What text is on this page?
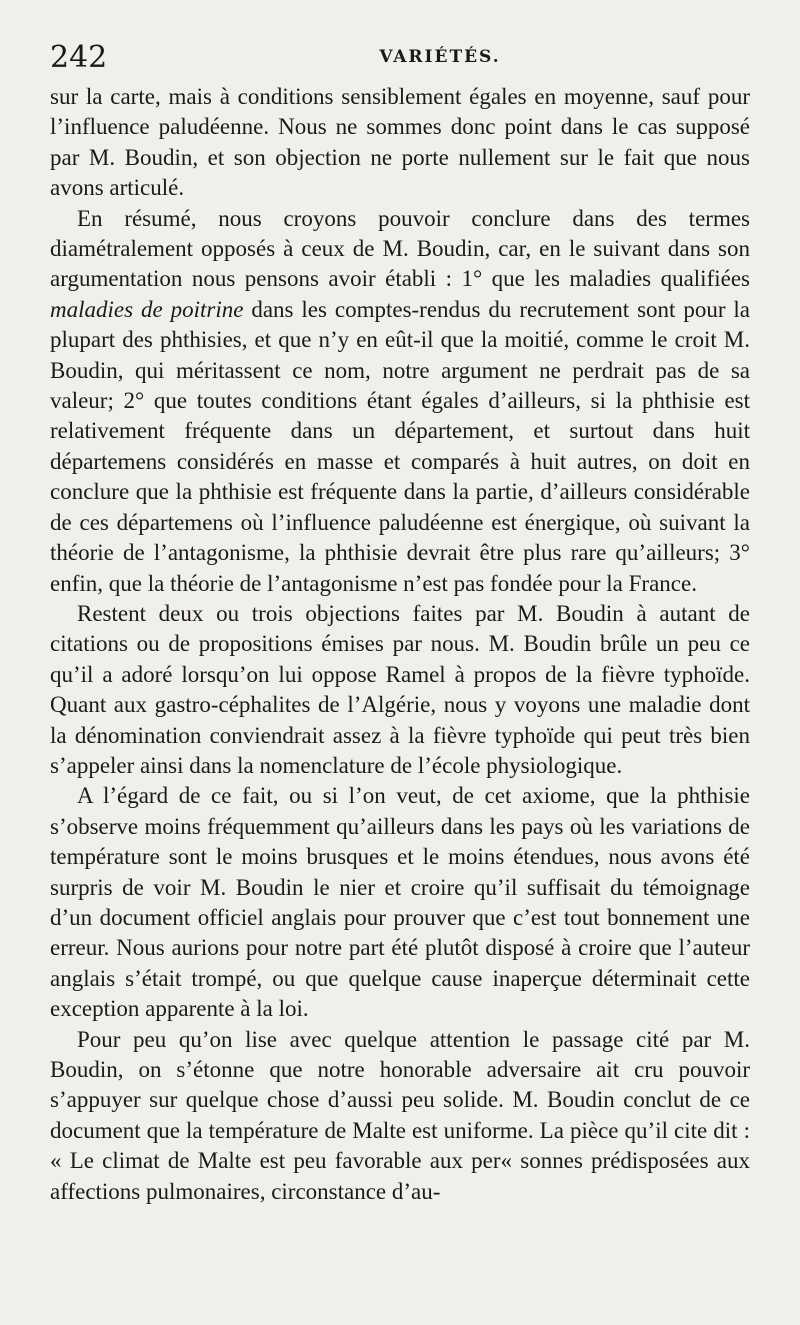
242	VARIÉTÉS.

sur la carte, mais à conditions sensiblement égales en moyenne, sauf pour l’influence paludéenne. Nous ne sommes donc point dans le cas supposé par M. Boudin, et son objection ne porte nullement sur le fait que nous avons articulé.

En résumé, nous croyons pouvoir conclure dans des termes diamétralement opposés à ceux de M. Boudin, car, en le suivant dans son argumentation nous pensons avoir établi : 1° que les maladies qualifiées maladies de poitrine dans les comptes-rendus du recrutement sont pour la plupart des phthisies, et que n’y en eût-il que la moitié, comme le croit M. Boudin, qui méritassent ce nom, notre argument ne perdrait pas de sa valeur; 2° que toutes conditions étant égales d’ailleurs, si la phthisie est relativement fréquente dans un département, et surtout dans huit départemens considérés en masse et comparés à huit autres, on doit en conclure que la phthisie est fréquente dans la partie, d’ailleurs considérable de ces départemens où l’influence paludéenne est énergique, où suivant la théorie de l’antagonisme, la phthisie devrait être plus rare qu’ailleurs; 3° enfin, que la théorie de l’antagonisme n’est pas fondée pour la France.

Restent deux ou trois objections faites par M. Boudin à autant de citations ou de propositions émises par nous. M. Boudin brûle un peu ce qu’il a adoré lorsqu’on lui oppose Ramel à propos de la fièvre typhoïde. Quant aux gastro-céphalites de l’Algérie, nous y voyons une maladie dont la dénomination conviendrait assez à la fièvre typhoïde qui peut très bien s’appeler ainsi dans la nomenclature de l’école physiologique.

A l’égard de ce fait, ou si l’on veut, de cet axiome, que la phthisie s’observe moins fréquemment qu’ailleurs dans les pays où les variations de température sont le moins brusques et le moins étendues, nous avons été surpris de voir M. Boudin le nier et croire qu’il suffisait du témoignage d’un document officiel anglais pour prouver que c’est tout bonnement une erreur. Nous aurions pour notre part été plutôt disposé à croire que l’auteur anglais s’était trompé, ou que quelque cause inaperçue déterminait cette exception apparente à la loi.

Pour peu qu’on lise avec quelque attention le passage cité par M. Boudin, on s’étonne que notre honorable adversaire ait cru pouvoir s’appuyer sur quelque chose d’aussi peu solide. M. Boudin conclut de ce document que la température de Malte est uniforme. La pièce qu’il cite dit : « Le climat de Malte est peu favorable aux per« sonnes prédisposées aux affections pulmonaires, circonstance d’au-
